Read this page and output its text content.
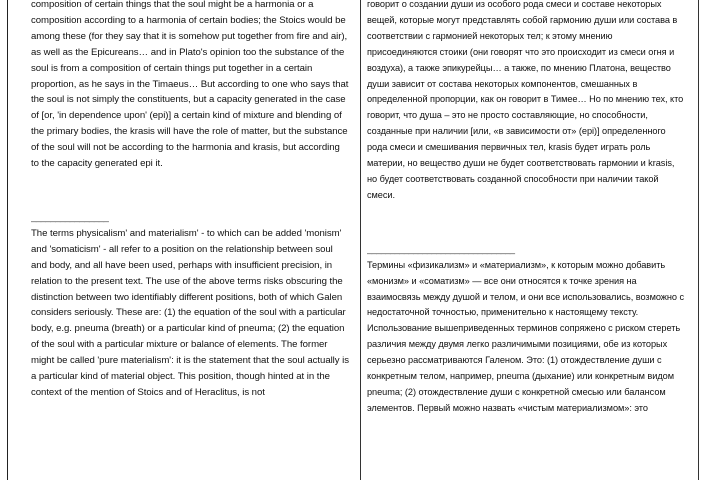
composition of certain things that the soul might be a harmonia or a composition according to a harmonia of certain bodies; the Stoics would be among these (for they say that it is somehow put together from fire and air), as well as the Epicureans… and in Plato's opinion too the substance of the soul is from a composition of certain things put together in a certain proportion, as he says in the Timaeus… But according to one who says that the soul is not simply the constituents, but a capacity generated in the case of [or, 'in dependence upon' (epi)] a certain kind of mixture and blending of the primary bodies, the krasis will have the role of matter, but the substance of the soul will not be according to the harmonia and krasis, but according to the capacity generated epi it.

________________

The terms physicalism' and materialism' - to which can be added 'monism' and 'somaticism' - all refer to a position on the relationship between soul and body, and all have been used, perhaps with insufficient precision, in relation to the present text. The use of the above terms risks obscuring the distinction between two identifiably different positions, both of which Galen considers seriously. These are: (1) the equation of the soul with a particular body, e.g. pneuma (breath) or a particular kind of pneuma; (2) the equation of the soul with a particular mixture or balance of elements. The former might be called 'pure materialism': it is the statement that the soul actually is a particular kind of material object. This position, though hinted at in the context of the mention of Stoics and of Heraclitus, is not

говорит о создании души из особого рода смеси и составе некоторых вещей, которые могут представлять собой гармонию души или состава в соответствии с гармонией некоторых тел; к этому мнению присоединяются стоики (они говорят что это происходит из смеси огня и воздуха), а также эпикурейцы… а также, по мнению Платона, вещество души зависит от состава некоторых компонентов, смешанных в определенной пропорции, как он говорит в Тимее… Но по мнению тех, кто говорит, что душа – это не просто составляющие, но способности, созданные при наличии [или, «в зависимости от» (epi)] определенного рода смеси и смешивания первичных тел, krasis будет играть роль материи, но вещество души не будет соответствовать гармонии и krasis, но будет соответствовать созданной способности при наличии такой смеси.

________________________________

Термины «физикализм» и «материализм», к которым можно добавить «монизм» и «соматизм» — все они относятся к точке зрения на взаимосвязь между душой и телом, и они все использовались, возможно с недостаточной точностью, применительно к настоящему тексту. Использование вышеприведенных терминов сопряжено с риском стереть различия между двумя легко различимыми позициями, обе из которых серьезно рассматриваются Галеном. Это: (1) отождествление души с конкретным телом, например, pneuma (дыхание) или конкретным видом pneuma; (2) отождествление души с конкретной смесью или балансом элементов. Первый можно назвать «чистым материализмом»: это
